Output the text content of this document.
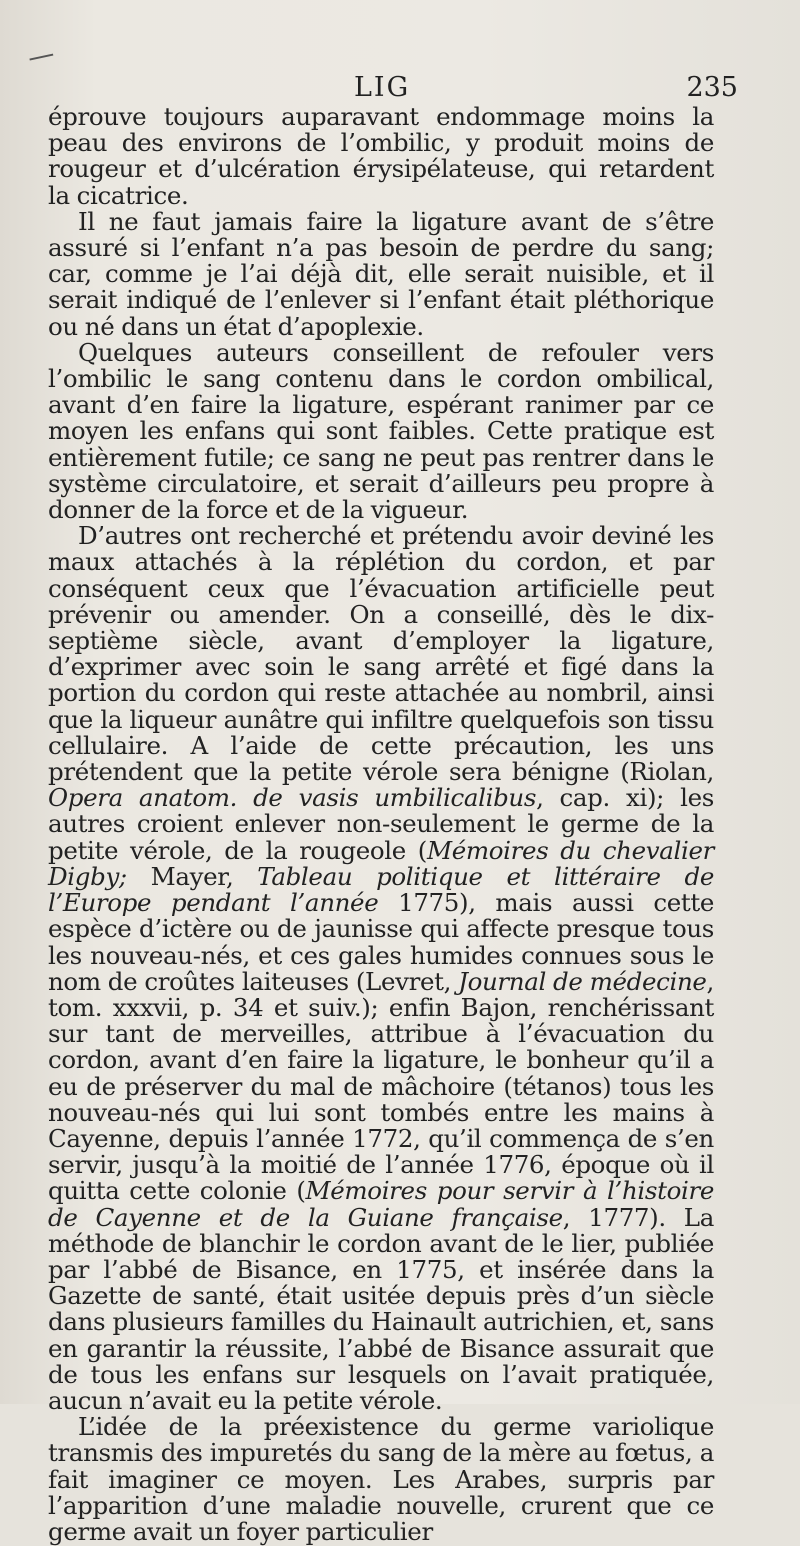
LIG	235

éprouve toujours auparavant endommage moins la peau des environs de l’ombilic, y produit moins de rougeur et d’ulcération érysipélateuse, qui retardent la cicatrice.

Il ne faut jamais faire la ligature avant de s’être assuré si l’enfant n’a pas besoin de perdre du sang; car, comme je l’ai déjà dit, elle serait nuisible, et il serait indiqué de l’enlever si l’enfant était pléthorique ou né dans un état d’apoplexie.

Quelques auteurs conseillent de refouler vers l’ombilic le sang contenu dans le cordon ombilical, avant d’en faire la ligature, espérant ranimer par ce moyen les enfans qui sont faibles. Cette pratique est entièrement futile; ce sang ne peut pas rentrer dans le système circulatoire, et serait d’ailleurs peu propre à donner de la force et de la vigueur.

D’autres ont recherché et prétendu avoir deviné les maux attachés à la réplétion du cordon, et par conséquent ceux que l’évacuation artificielle peut prévenir ou amender. On a conseillé, dès le dix-septième siècle, avant d’employer la ligature, d’exprimer avec soin le sang arrêté et figé dans la portion du cordon qui reste attachée au nombril, ainsi que la liqueur aunâtre qui infiltre quelquefois son tissu cellulaire. A l’aide de cette précaution, les uns prétendent que la petite vérole sera bénigne (Riolan, Opera anatom. de vasis umbilicalibus, cap. xi); les autres croient enlever non-seulement le germe de la petite vérole, de la rougeole (Mémoires du chevalier Digby; Mayer, Tableau politique et littéraire de l’Europe pendant l’année 1775), mais aussi cette espèce d’ictère ou de jaunisse qui affecte presque tous les nouveau-nés, et ces gales humides connues sous le nom de croûtes laiteuses (Levret, Journal de médecine, tom. xxxvii, p. 34 et suiv.); enfin Bajon, renchérissant sur tant de merveilles, attribue à l’évacuation du cordon, avant d’en faire la ligature, le bonheur qu’il a eu de préserver du mal de mâchoire (tétanos) tous les nouveau-nés qui lui sont tombés entre les mains à Cayenne, depuis l’année 1772, qu’il commença de s’en servir, jusqu’à la moitié de l’année 1776, époque où il quitta cette colonie (Mémoires pour servir à l’histoire de Cayenne et de la Guiane française, 1777). La méthode de blanchir le cordon avant de le lier, publiée par l’abbé de Bisance, en 1775, et insérée dans la Gazette de santé, était usitée depuis près d’un siècle dans plusieurs familles du Hainault autrichien, et, sans en garantir la réussite, l’abbé de Bisance assurait que de tous les enfans sur lesquels on l’avait pratiquée, aucun n’avait eu la petite vérole.

L’idée de la préexistence du germe variolique transmis des impuretés du sang de la mère au fœtus, a fait imaginer ce moyen. Les Arabes, surpris par l’apparition d’une maladie nouvelle, crurent que ce germe avait un foyer particulier
